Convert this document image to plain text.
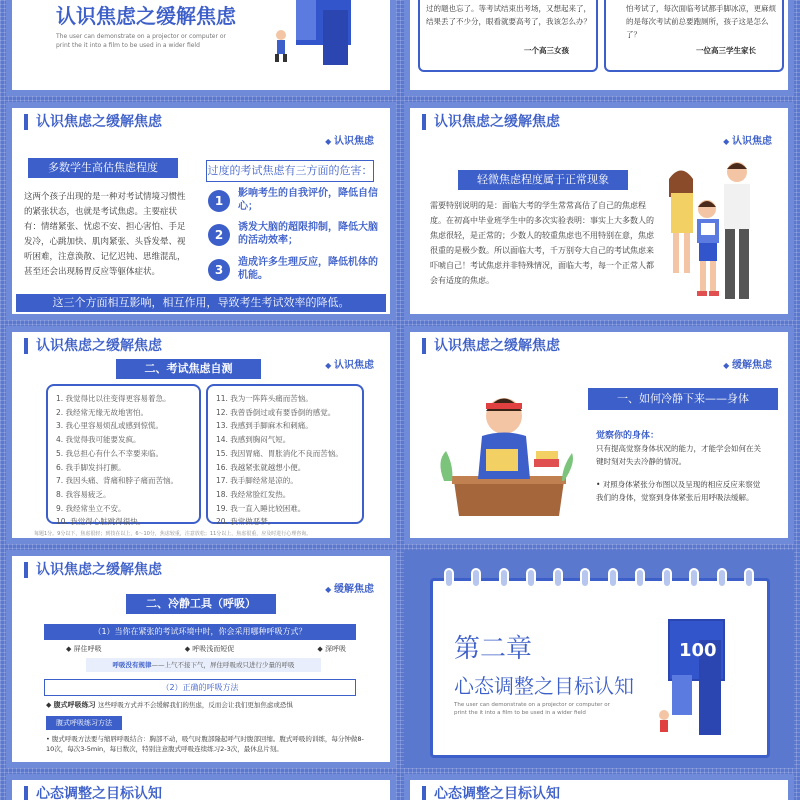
认识焦虑之缓解焦虑
The user can demonstrate on a projector or computer or
print the it into a film to be used in a wider field
过的题也忘了。等考试结束出考场，又想起来了，结果丢了不少分，眼看就要高考了，我该怎么办？
一个高三女孩
怕考试了，每次面临考试都手脚冰凉，更麻烦的是每次考试前总要跑厕所，孩子这是怎么了？
一位高三学生家长
认识焦虑之缓解焦虑
◆ 认识焦虑
多数学生高估焦虑程度
这两个孩子出现的是一种对考试情境习惯性的紧张状态，也就是考试焦虑。主要症状有：情绪紧张、忧虑不安、担心害怕、手足发冷，心跳加快、肌肉紧张、头昏发晕、视听困难，注意涣散、记忆迟钝、思维混乱，甚至还会出现肠胃反应等躯体症状。
过度的考试焦虑有三方面的危害：
1
影响考生的自我评价，降低自信心；
2
诱发大脑的超限抑制，降低大脑的活动效率；
3
造成许多生理反应，降低机体的机能。
这三个方面相互影响，相互作用，导致考生考试效率的降低。
认识焦虑之缓解焦虑
◆ 认识焦虑
轻微焦虑程度属于正常现象
需要特别说明的是：面临大考的学生常常高估了自己的焦虑程度。在初高中毕业班学生中的多次实验表明：事实上大多数人的焦虑很轻，是正常的；少数人的较重焦虑也不用特别在意，焦虑很重的是极少数。所以面临大考，千万别夸大自己的考试焦虑来吓唬自己！考试焦虑并非特殊情况，面临大考，每一个正常人都会有适度的焦虑。
认识焦虑之缓解焦虑
◆ 认识焦虑
二、考试焦虑自测
1. 我觉得比以往变得更容易着急。
2. 我经常无缘无故地害怕。
3. 我心里容易烦乱或感到惊慌。
4. 我觉得我可能要发疯。
5. 我总担心有什么不幸要来临。
6. 我手脚发抖打颤。
7. 我因头痛、背痛和脖子痛而苦恼。
8. 我容易疲乏。
9. 我经常坐立不安。
10. 我觉得心脏跳得很快。
11. 我为一阵阵头痛而苦恼。
12. 我曾昏倒过或有要昏倒的感觉。
13. 我感到手脚麻木和刺痛。
14. 我感到胸闷气短。
15. 我因胃痛、胃胀消化不良而苦恼。
16. 我越紧张就越想小便。
17. 我手脚经常是凉的。
18. 我经常脸红发热。
19. 我一直入睡比较困难。
20. 我常做恶梦。
每题1分。9分以下，焦虑很轻；到技在以上，6～10分，焦虑较重，注意放松；11分以上，焦虑很重，应及时进行心理咨询。
认识焦虑之缓解焦虑
◆ 缓解焦虑
一、如何冷静下来——身体
觉察你的身体：
只有提高觉察身体状况的能力，才能学会如何在关键时刻对失去冷静的情况。
• 对照身体紧张分布图以及呈现的相应反应来察觉我们的身体，觉察到身体紧张后用呼吸法缓解。
认识焦虑之缓解焦虑
◆ 缓解焦虑
二、冷静工具（呼吸）
（1）当你在紧张的考试环境中时，你会采用哪种呼吸方式？
◆ 屏住呼吸	◆ 呼吸浅而短促	◆ 深呼吸
呼吸没有规律——上气不接下气，屏住呼吸或只进行少量的呼吸
（2）正确的呼吸方法
◆ 腹式呼吸练习 这些呼吸方式并不会缓解我们的焦虑，反而会让我们更加焦虑或恐惧
腹式呼吸练习方法
• 腹式呼吸方法要与缩唇呼吸结合：胸部不动，吸气时腹部隆起呼气时腹部回缩。腹式呼吸的训练，每分钟做8-10次，每次3-5min，每日数次，特别注意腹式呼吸连续练习2-3次，最休息片刻。
第二章
心态调整之目标认知
The user can demonstrate on a projector or computer or
print the it into a film to be used in a wider field
100
心态调整之目标认知	心态调整之目标认知
